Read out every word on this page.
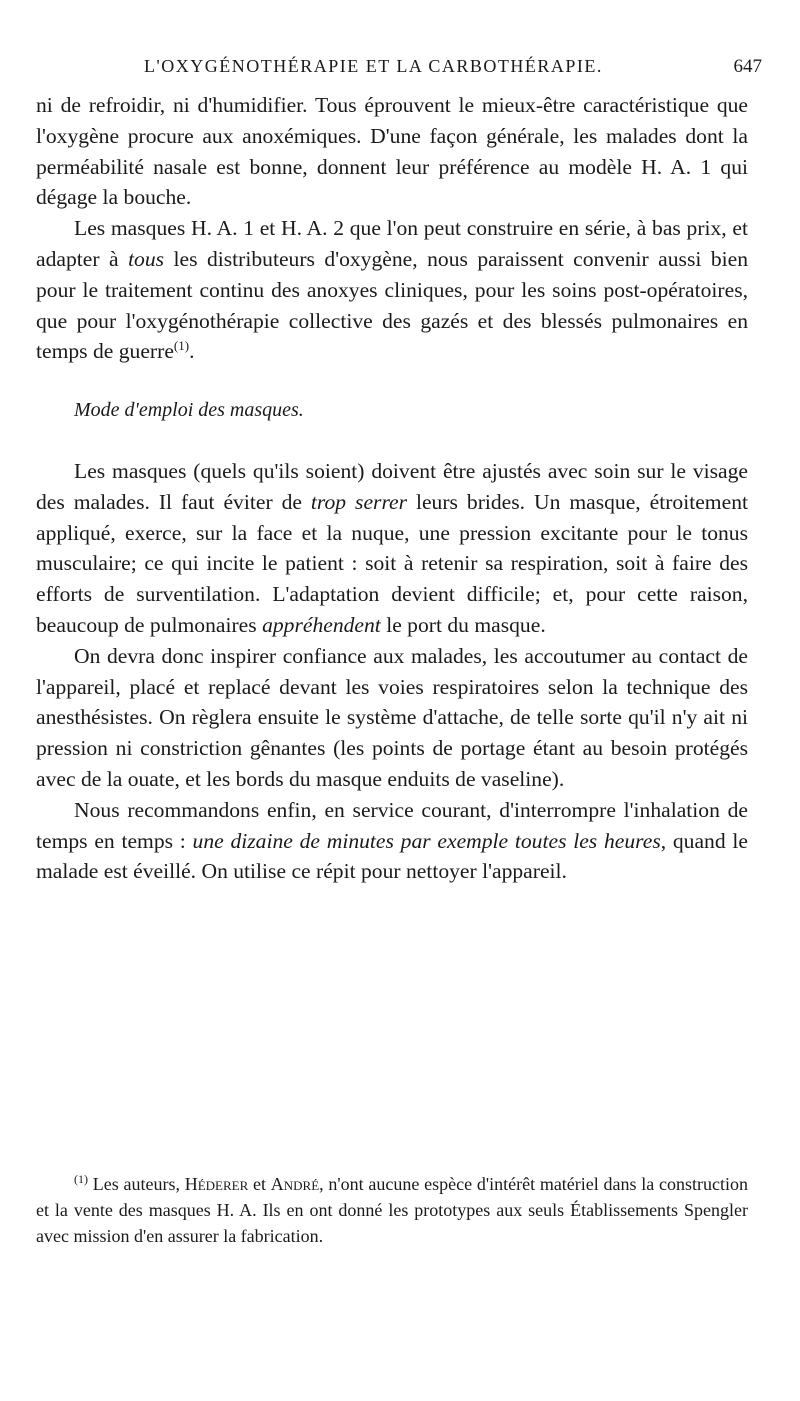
L'OXYGÉNOTHÉRAPIE ET LA CARBOTHÉRAPIE.	647

ni de refroidir, ni d'humidifier. Tous éprouvent le mieux-être caractéristique que l'oxygène procure aux anoxémiques. D'une façon générale, les malades dont la perméabilité nasale est bonne, donnent leur préférence au modèle H. A. 1 qui dégage la bouche.

Les masques H. A. 1 et H. A. 2 que l'on peut construire en série, à bas prix, et adapter à tous les distributeurs d'oxygène, nous paraissent convenir aussi bien pour le traitement continu des anoxyes cliniques, pour les soins post-opératoires, que pour l'oxygénothérapie collective des gazés et des blessés pulmonaires en temps de guerre$^{(1)}$.

Mode d'emploi des masques.

Les masques (quels qu'ils soient) doivent être ajustés avec soin sur le visage des malades. Il faut éviter de trop serrer leurs brides. Un masque, étroitement appliqué, exerce, sur la face et la nuque, une pression excitante pour le tonus musculaire; ce qui incite le patient : soit à retenir sa respiration, soit à faire des efforts de surventilation. L'adaptation devient difficile; et, pour cette raison, beaucoup de pulmonaires appréhendent le port du masque.

On devra donc inspirer confiance aux malades, les accoutumer au contact de l'appareil, placé et replacé devant les voies respiratoires selon la technique des anesthésistes. On règlera ensuite le système d'attache, de telle sorte qu'il n'y ait ni pression ni constriction gênantes (les points de portage étant au besoin protégés avec de la ouate, et les bords du masque enduits de vaseline).

Nous recommandons enfin, en service courant, d'interrompre l'inhalation de temps en temps : une dizaine de minutes par exemple toutes les heures, quand le malade est éveillé. On utilise ce répit pour nettoyer l'appareil.

$^{(1)}$ Les auteurs, Héderer et André, n'ont aucune espèce d'intérêt matériel dans la construction et la vente des masques H. A. Ils en ont donné les prototypes aux seuls Établissements Spengler avec mission d'en assurer la fabrication.
